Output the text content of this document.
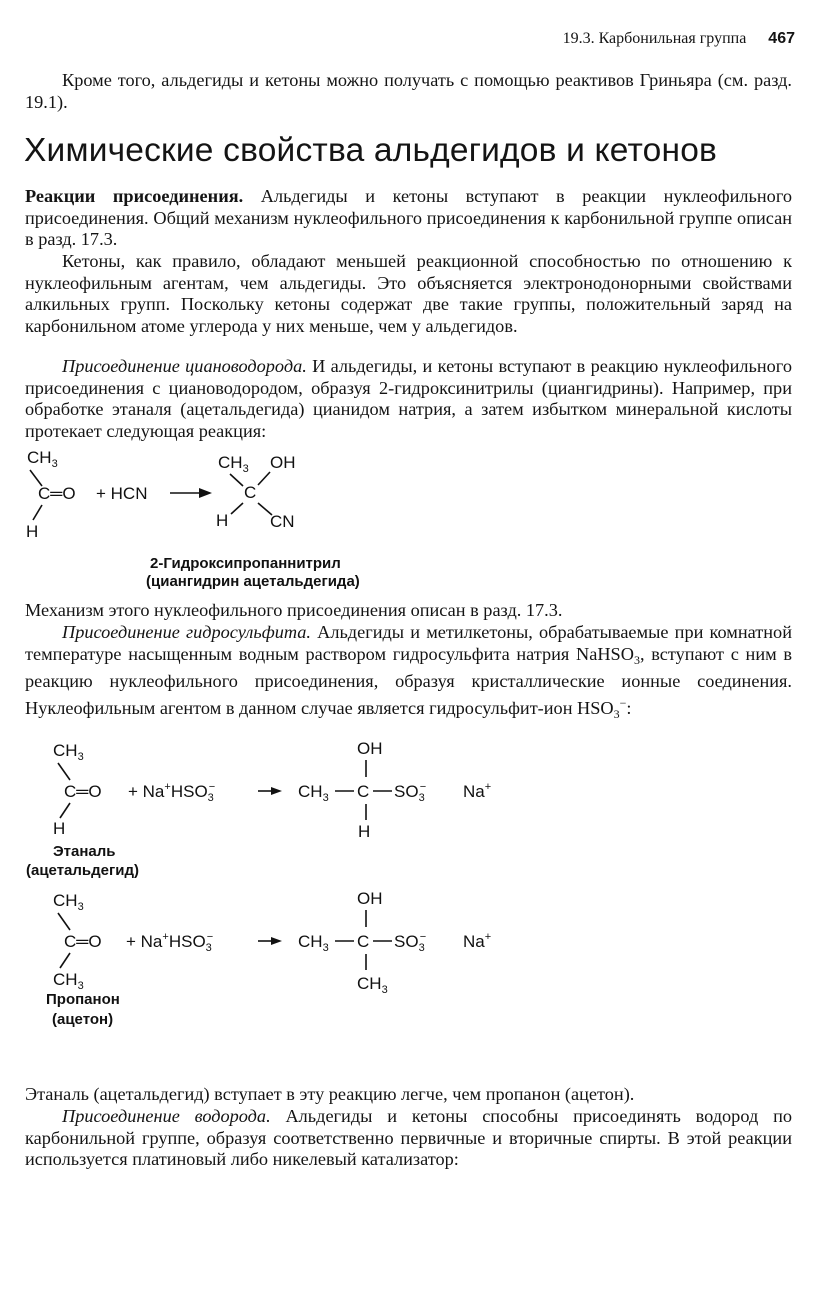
19.3. Карбонильная группа 467

Кроме того, альдегиды и кетоны можно получать с помощью реактивов Гриньяра (см. разд. 19.1).

Химические свойства альдегидов и кетонов

Реакции присоединения. Альдегиды и кетоны вступают в реакции нуклеофильного присоединения. Общий механизм нуклеофильного присоединения к карбонильной группе описан в разд. 17.3.

Кетоны, как правило, обладают меньшей реакционной способностью по отношению к нуклеофильным агентам, чем альдегиды. Это объясняется электронодонорными свойствами алкильных групп. Поскольку кетоны содержат две такие группы, положительный заряд на карбонильном атоме углерода у них меньше, чем у альдегидов.

Присоединение циановодорода. И альдегиды, и кетоны вступают в реакцию нуклеофильного присоединения с циановодородом, образуя 2-гидроксинитрилы (циангидрины). Например, при обработке этаналя (ацетальдегида) цианидом натрия, а затем избытком минеральной кислоты протекает следующая реакция:

$CH_3$
C═O
H
+ HCN
$CH_3$ OH
C
H CN
2-Гидроксипропаннитрил
(циангидрин ацетальдегида)

Механизм этого нуклеофильного присоединения описан в разд. 17.3.

Присоединение гидросульфита. Альдегиды и метилкетоны, обрабатываемые при комнатной температуре насыщенным водным раствором гидросульфита натрия NaHSO$_3$, вступают с ним в реакцию нуклеофильного присоединения, образуя кристаллические ионные соединения. Нуклеофильным агентом в данном случае является гидросульфит-ион $HSO_3^-$:

$CH_3$
C═O
H
+ $Na^+HSO_3-$
OH
$CH_3$ C $SO_3-$
H
Na+
Этаналь
(ацетальдегид)
$CH_3$
C═O
$CH_3$
+ $Na^+HSO_3-$
OH
$CH_3$ C $SO_3-$
$CH_3$
Na+
Пропанон
(ацетон)

Этаналь (ацетальдегид) вступает в эту реакцию легче, чем пропанон (ацетон).

Присоединение водорода. Альдегиды и кетоны способны присоединять водород по карбонильной группе, образуя соответственно первичные и вторичные спирты. В этой реакции используется платиновый либо никелевый катализатор:
